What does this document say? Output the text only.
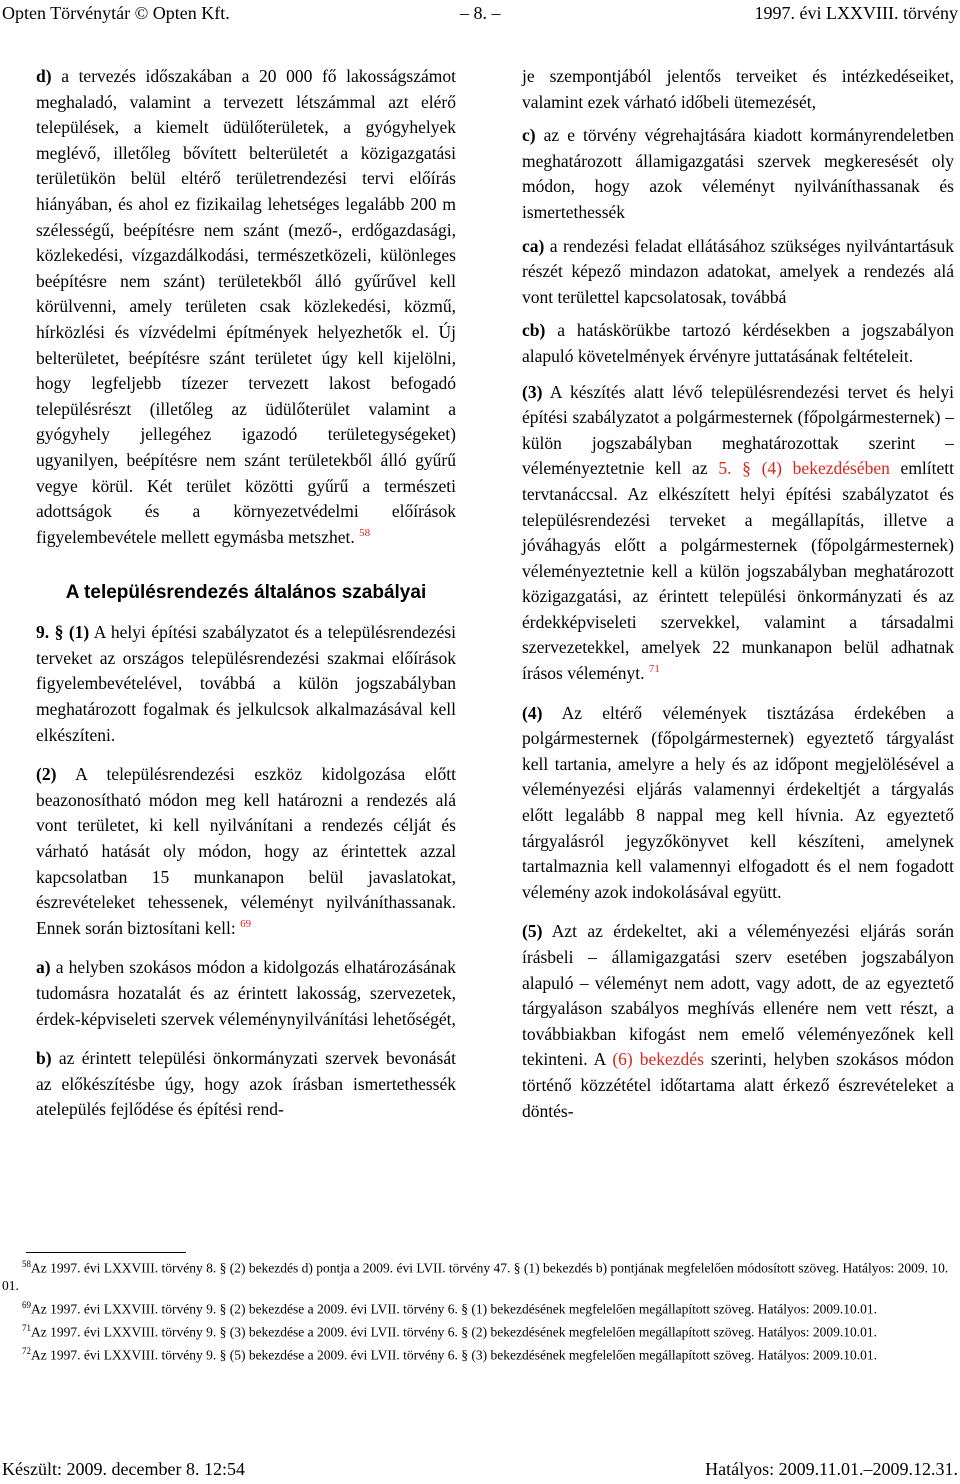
Opten Törvénytár © Opten Kft.	– 8. –	1997. évi LXXVIII. törvény

d) a tervezés időszakában a 20 000 fő lakosságszámot meghaladó, valamint a tervezett létszámmal azt elérő települések, a kiemelt üdülőterületek, a gyógyhelyek meglévő, illetőleg bővített belterületét a közigazgatási területükön belül eltérő területrendezési tervi előírás hiányában, és ahol ez fizikailag lehetséges legalább 200 m szélességű, beépítésre nem szánt (mező-, erdőgazdasági, közlekedési, vízgazdálkodási, természetközeli, különleges beépítésre nem szánt) területekből álló gyűrűvel kell körülvenni, amely területen csak közlekedési, közmű, hírközlési és vízvédelmi építmények helyezhetők el. Új belterületet, beépítésre szánt területet úgy kell kijelölni, hogy legfeljebb tízezer tervezett lakost befogadó településrészt (illetőleg az üdülőterület valamint a gyógyhely jellegéhez igazodó területegységeket) ugyanilyen, beépítésre nem szánt területekből álló gyűrű vegye körül. Két terület közötti gyűrű a természeti adottságok és a környezetvédelmi előírások figyelembevétele mellett egymásba metszhet. $^{58}$

A településrendezés általános szabályai

9. § (1) A helyi építési szabályzatot és a településrendezési terveket az országos településrendezési szakmai előírások figyelembevételével, továbbá a külön jogszabályban meghatározott fogalmak és jelkulcsok alkalmazásával kell elkészíteni.

(2) A településrendezési eszköz kidolgozása előtt beazonosítható módon meg kell határozni a rendezés alá vont területet, ki kell nyilvánítani a rendezés célját és várható hatását oly módon, hogy az érintettek azzal kapcsolatban 15 munkanapon belül javaslatokat, észrevételeket tehessenek, véleményt nyilváníthassanak. Ennek során biztosítani kell: $^{69}$

a) a helyben szokásos módon a kidolgozás elhatározásának tudomásra hozatalát és az érintett lakosság, szervezetek, érdek-képviseleti szervek véleménynyilvánítási lehetőségét,

b) az érintett települési önkormányzati szervek bevonását az előkészítésbe úgy, hogy azok írásban ismertethessék atelepülés fejlődése és építési rend-

je szempontjából jelentős terveiket és intézkedéseiket, valamint ezek várható időbeli ütemezését,

c) az e törvény végrehajtására kiadott kormányrendeletben meghatározott államigazgatási szervek megkeresését oly módon, hogy azok véleményt nyilváníthassanak és ismertethessék

ca) a rendezési feladat ellátásához szükséges nyilvántartásuk részét képező mindazon adatokat, amelyek a rendezés alá vont területtel kapcsolatosak, továbbá

cb) a hatáskörükbe tartozó kérdésekben a jogszabályon alapuló követelmények érvényre juttatásának feltételeit.

(3) A készítés alatt lévő településrendezési tervet és helyi építési szabályzatot a polgármesternek (főpolgármesternek) – külön jogszabályban meghatározottak szerint – véleményeztetnie kell az 5. § (4) bekezdésében említett tervtanáccsal. Az elkészített helyi építési szabályzatot és településrendezési terveket a megállapítás, illetve a jóváhagyás előtt a polgármesternek (főpolgármesternek) véleményeztetnie kell a külön jogszabályban meghatározott közigazgatási, az érintett települési önkormányzati és az érdekképviseleti szervekkel, valamint a társadalmi szervezetekkel, amelyek 22 munkanapon belül adhatnak írásos véleményt. $^{71}$

(4) Az eltérő vélemények tisztázása érdekében a polgármesternek (főpolgármesternek) egyeztető tárgyalást kell tartania, amelyre a hely és az időpont megjelölésével a véleményezési eljárás valamennyi érdekeltjét a tárgyalás előtt legalább 8 nappal meg kell hívnia. Az egyeztető tárgyalásról jegyzőkönyvet kell készíteni, amelynek tartalmaznia kell valamennyi elfogadott és el nem fogadott vélemény azok indokolásával együtt.

(5) Azt az érdekeltet, aki a véleményezési eljárás során írásbeli – államigazgatási szerv esetében jogszabályon alapuló – véleményt nem adott, vagy adott, de az egyeztető tárgyaláson szabályos meghívás ellenére nem vett részt, a továbbiakban kifogást nem emelő véleményezőnek kell tekinteni. A (6) bekezdés szerinti, helyben szokásos módon történő közzététel időtartama alatt érkező észrevételeket a döntés-

$^{58}$Az 1997. évi LXXVIII. törvény 8. § (2) bekezdés d) pontja a 2009. évi LVII. törvény 47. § (1) bekezdés b) pontjának megfelelően módosított szöveg. Hatályos: 2009. 10. 01.

$^{69}$Az 1997. évi LXXVIII. törvény 9. § (2) bekezdése a 2009. évi LVII. törvény 6. § (1) bekezdésének megfelelően megállapított szöveg. Hatályos: 2009.10.01.

$^{71}$Az 1997. évi LXXVIII. törvény 9. § (3) bekezdése a 2009. évi LVII. törvény 6. § (2) bekezdésének megfelelően megállapított szöveg. Hatályos: 2009.10.01.

$^{72}$Az 1997. évi LXXVIII. törvény 9. § (5) bekezdése a 2009. évi LVII. törvény 6. § (3) bekezdésének megfelelően megállapított szöveg. Hatályos: 2009.10.01.

Készült: 2009. december 8. 12:54	Hatályos: 2009.11.01.–2009.12.31.
